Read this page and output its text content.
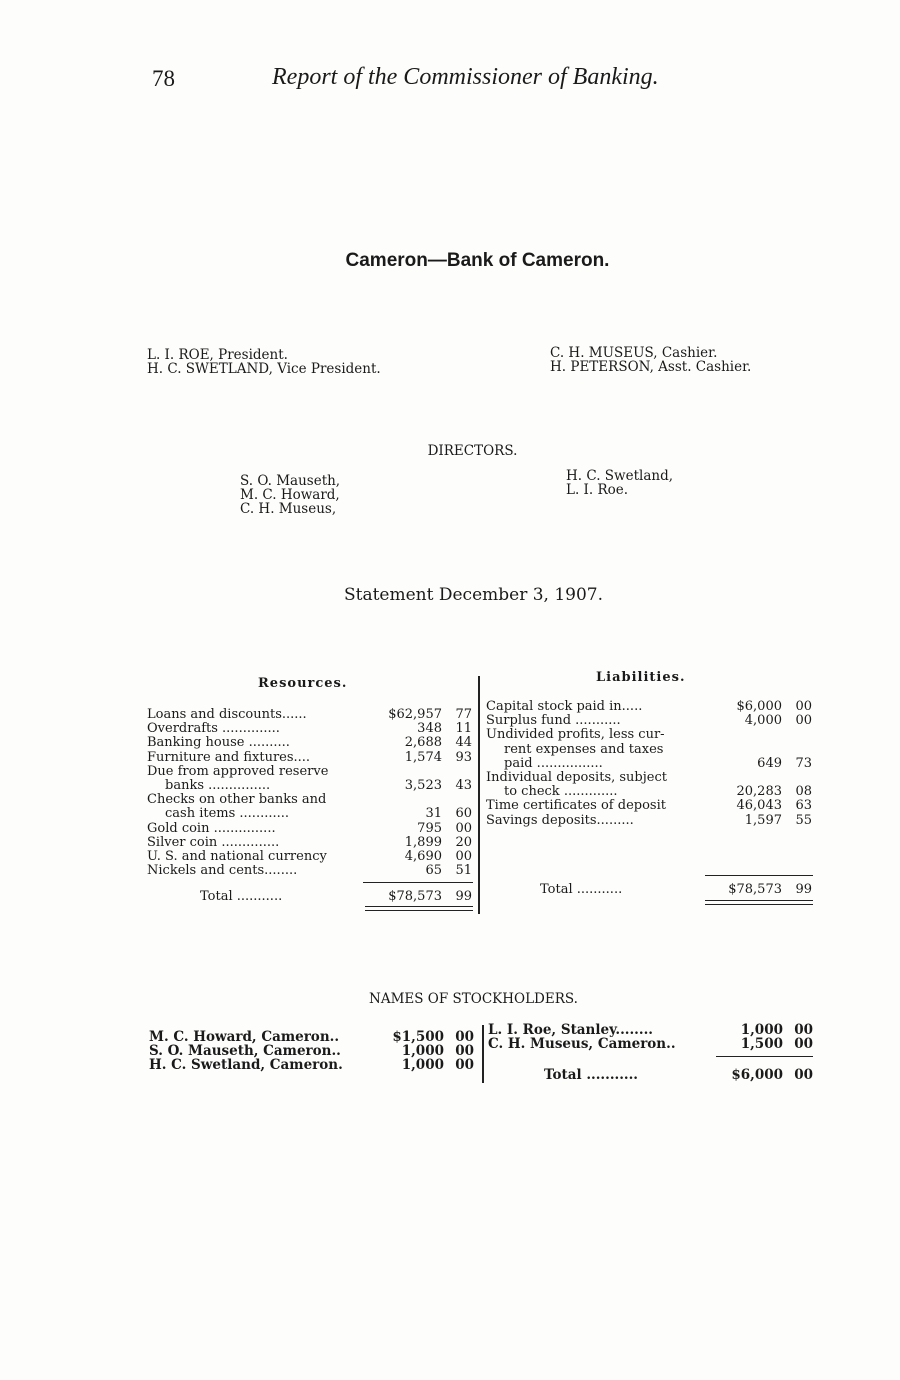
78	Report of the Commissioner of Banking.
Cameron—Bank of Cameron.
L. I. ROE, President.
H. C. SWETLAND, Vice President.
C. H. MUSEUS, Cashier.
H. PETERSON, Asst. Cashier.
DIRECTORS.
S. O. Mauseth,
M. C. Howard,
C. H. Museus,
H. C. Swetland,
L. I. Roe.
Statement December 3, 1907.
Resources.
Loans and discounts......	$62,957	77
Overdrafts ..............	348	11
Banking house ..........	2,688	44
Furniture and fixtures....	1,574	93
Due from approved reserve
banks ...............	3,523	43
Checks on other banks and
cash items ............	31	60
Gold coin ...............	795	00
Silver coin ..............	1,899	20
U. S. and national currency	4,690	00
Nickels and cents........	65	51
Total ...........	$78,573	99
Liabilities.
Capital stock paid in.....	$6,000	00
Surplus fund ...........	4,000	00
Undivided profits, less cur-
rent expenses and taxes
paid ................	649	73
Individual deposits, subject
to check .............	20,283	08
Time certificates of deposit	46,043	63
Savings deposits.........	1,597	55
Total ...........	$78,573	99
NAMES OF STOCKHOLDERS.
M. C. Howard, Cameron..	$1,500 00
S. O. Mauseth, Cameron..	1,000 00
H. C. Swetland, Cameron.	1,000 00
L. I. Roe, Stanley........	1,000 00
C. H. Museus, Cameron..	1,500 00
Total ...........	$6,000 00
